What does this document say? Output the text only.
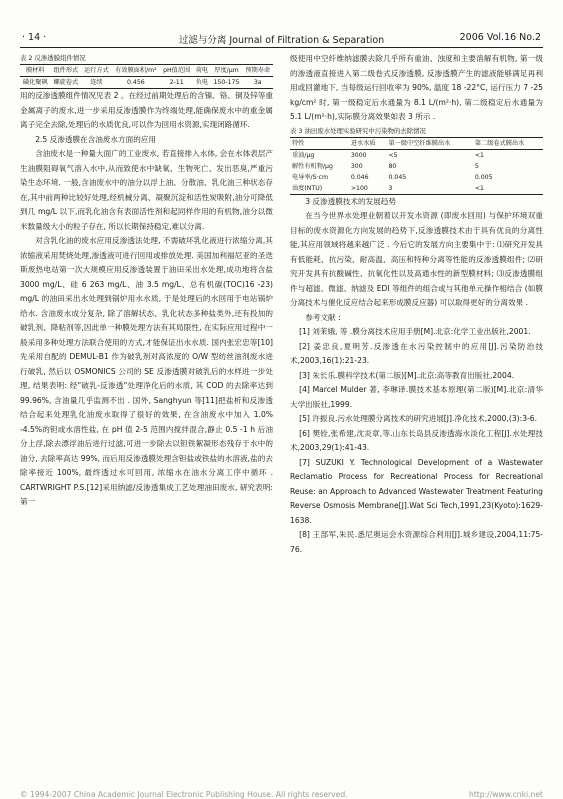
· 14 ·	过滤与分离 Journal of Filtration & Separation	2006 Vol.16 No.2

表 2 反渗透膜组件情况

膜材料	组件形式	运行方式	有效膜面积/m²	pH值范围	荷电	厚度/μm	预期寿命
磺化聚砜	螺旋卷式	连续	0.456	2-11	负电	150-175	3a

用的反渗透膜组件情况见表 2 。在经过前期处理后的含镍、铬、铜及锌等重金属离子的废水,进一步采用反渗透膜作为终端处理,能确保废水中的重金属离子完全去除,处理后的水质优良,可以作为回用水资源,实现闭路循环.

2.5 反渗透膜在含油废水方面的应用

含油废水是一种量大面广的工业废水, 若直接排入水体, 会在水体表层产生油膜阻碍氧气溶入水中,从而致使水中缺氧、生物死亡、发出恶臭,严重污染生态环境. 一般,含油废水中的油分以浮上油、分散油、乳化油三种状态存在,其中前两种比较好处理,经机械分离、凝聚沉淀和活性炭吸附,油分可降低到几 mg/L 以下,而乳化油含有表面活性剂和起同样作用的有机物,油分以微米数量级大小的粒子存在, 所以长期保持稳定,难以分离.

对含乳化油的废水应用反渗透法处理, 不需破坏乳化液进行浓缩分离,其浓缩液采用焚烧处理,渗透液可进行回用或排放处理. 美国加利福尼亚的圣迭斯废热电站第一次大规模应用反渗透装置于油田采出水处理,成功地将含盐3000 mg/L、硅 6 263 mg/L、油 3.5 mg/L、总有机碳(TOC)16 -23) mg/L 的油田采出水处理到锅炉用水水质, 于是处理后的水回用于电站锅炉给水. 含油废水成分复杂, 除了溶解状态、乳化状态多种盐类外,还有投加的破乳剂、降粘剂等,因此单一种膜处理方法有其局限性, 在实际应用过程中一般采用多种处理方法联合使用的方式,才能保证出水水质. 国内张宏忠等[10]先采用自配的 DEMUL-B1 作为破乳剂对高浓度的 O/W 型纺丝油剂废水进行破乳, 然后以 OSMONICS 公司的 SE 反渗透膜对破乳后的水样进一步处理, 结果表明: 经"破乳-反渗透"处理净化后的水质, 其 COD 的去除率达到 99.96%, 含油量几乎监测不出 . 国外, Sanghyun 等[11]把盐析和反渗透结合起来处理乳化油废水取得了很好的效果, 在含油废水中加入 1.0% -4.5%的钽或水溶性盐, 在 pH 值 2-5 范围内搅拌混合,静止 0.5 -1 h 后油分上浮,除去漂浮油后进行过滤,可进一步除去以钽铁絮凝形态残存于水中的油分, 去除率高达 99%, 而后用反渗透膜处理含钽盐或铁盐的水溶液,盐的去除率接近 100%, 最终透过水可回用, 浓缩水在油水分离工序中循环 . CARTWRIGHT P.S.[12]采用纳滤/反渗透集成工艺处理油田废水, 研究表明: 第一

级使用中空纤维纳滤膜去除几乎所有重油、浊度和主要溶解有机物, 第一级的渗透液直接进入第二级卷式反渗透膜, 反渗透膜产生的滤液能够满足再利用或回灌地下, 当每级运行回收率为 90%, 温度 18 -22°C, 运行压力 7 -25 kg/cm² 时, 第一级稳定后水通量为 8.1 L/(m²·h), 第二级稳定后水通量为 5.1 L/(m²·h),实际膜分离效果如表 3 所示 .

表 3 油田废水处理实验研究中污染物的去除情况

特性	进水水质	第一级中空纤维膜出水	第二级卷式膜出水
重油/μg	3000	<5	<1
解性有机物/μg	300	80	5
电导率/S·cm	0.046	0.045	0.005
浊度(NTU)	>100	3	<1

3 反渗透膜技术的发展趋势

在当今世界水处理业朝着以开发水资源 (即废水回用) 与保护环境双重目标的废水资源化方向发展的趋势下,反渗透膜技术由于具有优良的分离性能,其应用领域将越来越广泛 . 今后它的发展方向主要集中于: ⑴研究开发具有低能耗、抗污染、耐高温、高压和特种分离等性能的反渗透膜组件; ⑵研究开发具有抗酸碱性、抗氧化性以及高通水性的新型膜材料; ⑶反渗透膜组件与超滤、微滤、纳滤及 EDI 等组件的组合或与其他单元操作相结合 (如膜分离技术与催化反应结合起来形成膜反应器) 可以取得更好的分离效果 .

参考文献 :

[1] 刘茉娥, 等 .膜分离技术应用手册[M].北京:化学工业出版社,2001.

[2] 姜忠良,夏明芳.反渗透在水污染控制中的应用[J].污染防治技术,2003,16(1):21-23.

[3] 朱长乐.膜科学技术(第二版)[M].北京:高等教育出版社,2004.

[4] Marcel Mulder 著, 李琳译.膜技术基本原理(第二版)[M].北京:清华大学出版社,1999.

[5] 许振良.污水处理膜分离技术的研究进展[J].净化技术,2000,(3):3-6.

[6] 樊铨,张希建,沈炎章,等.山东长岛县反渗透海水淡化工程[J].水处理技术,2003,29(1):41-43.

[7] SUZUKI Y. Technological Development of a Wastewater Reclamatio Process for Recreational Process for Recreational Reuse: an Approach to Advanced Wastewater Treatment Featuring Reverse Osmosis Membrane[J].Wat Sci Tech,1991,23(Kyoto):1629-1638.

[8] 王部军,朱民.悉尼奥运会水资源综合利用[J].城乡建设,2004,11:75-76.

© 1994-2007 China Academic Journal Electronic Publishing House. All rights reserved.	http://www.cnki.net
